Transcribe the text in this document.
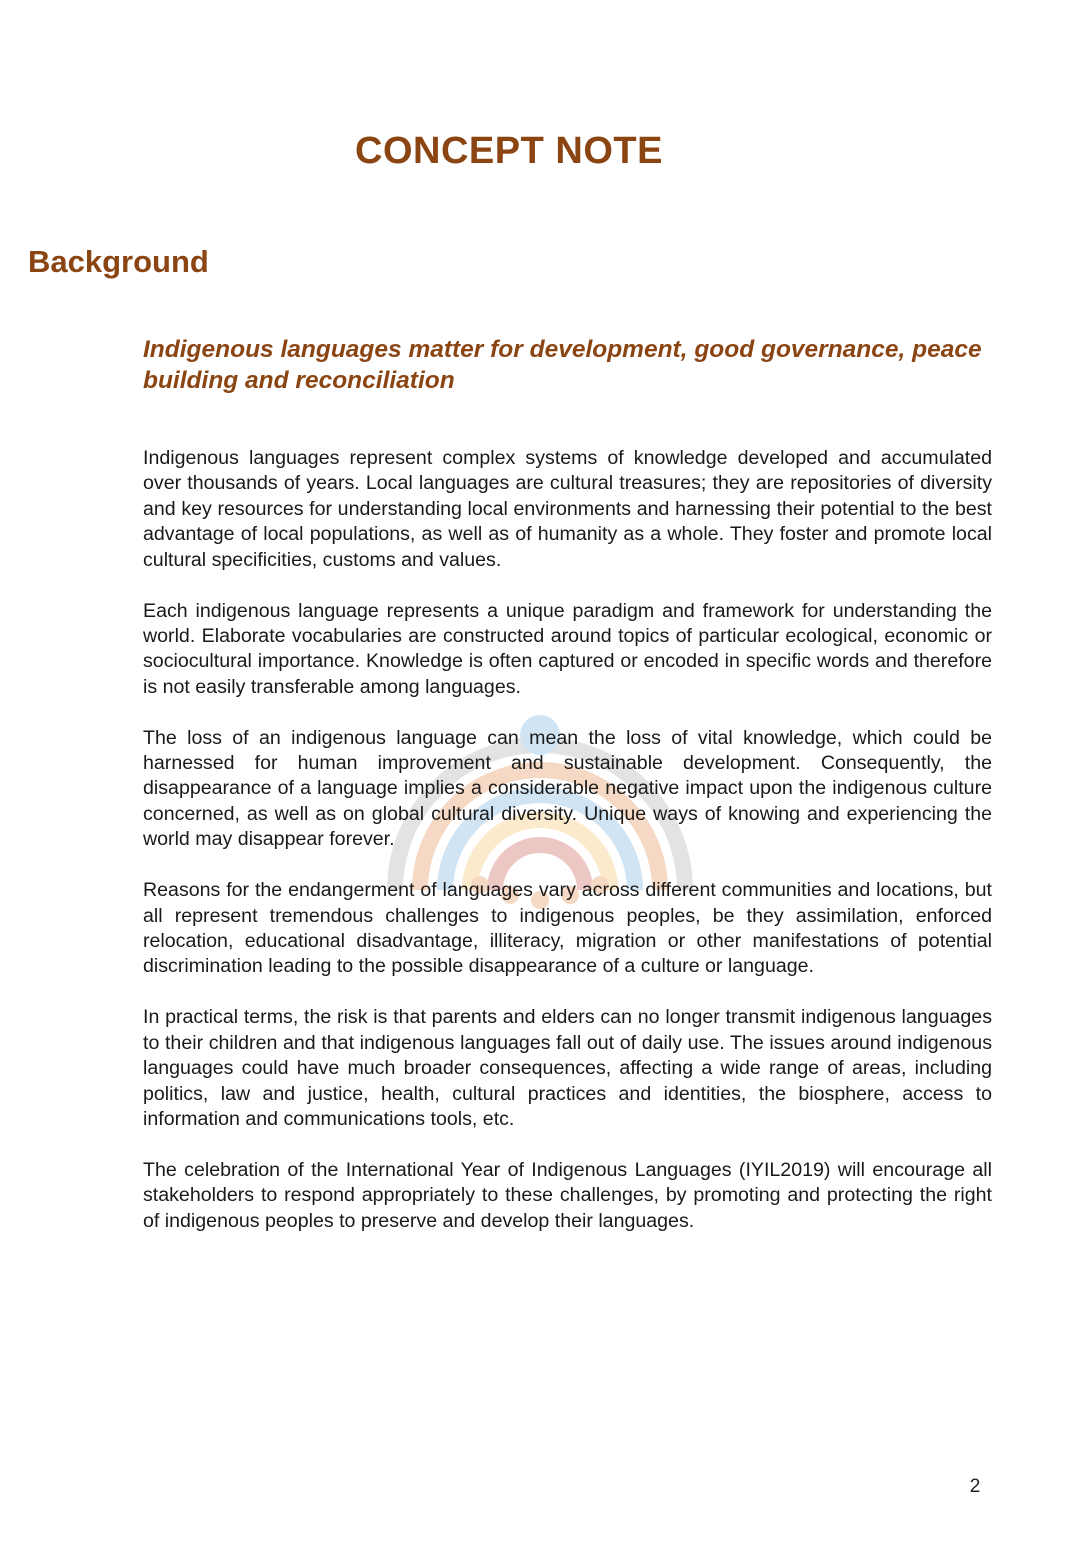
CONCEPT NOTE
Background
Indigenous languages matter for development, good governance, peace building and reconciliation

Indigenous languages represent complex systems of knowledge developed and accumulated over thousands of years. Local languages are cultural treasures; they are repositories of diversity and key resources for understanding local environments and harnessing their potential to the best advantage of local populations, as well as of humanity as a whole. They foster and promote local cultural specificities, customs and values.

Each indigenous language represents a unique paradigm and framework for understanding the world. Elaborate vocabularies are constructed around topics of particular ecological, economic or sociocultural importance. Knowledge is often captured or encoded in specific words and therefore is not easily transferable among languages.

The loss of an indigenous language can mean the loss of vital knowledge, which could be harnessed for human improvement and sustainable development. Consequently, the disappearance of a language implies a considerable negative impact upon the indigenous culture concerned, as well as on global cultural diversity. Unique ways of knowing and experiencing the world may disappear forever.

Reasons for the endangerment of languages vary across different communities and locations, but all represent tremendous challenges to indigenous peoples, be they assimilation, enforced relocation, educational disadvantage, illiteracy, migration or other manifestations of potential discrimination leading to the possible disappearance of a culture or language.

In practical terms, the risk is that parents and elders can no longer transmit indigenous languages to their children and that indigenous languages fall out of daily use. The issues around indigenous languages could have much broader consequences, affecting a wide range of areas, including politics, law and justice, health, cultural practices and identities, the biosphere, access to information and communications tools, etc.

The celebration of the International Year of Indigenous Languages (IYIL2019) will encourage all stakeholders to respond appropriately to these challenges, by promoting and protecting the right of indigenous peoples to preserve and develop their languages.

2
